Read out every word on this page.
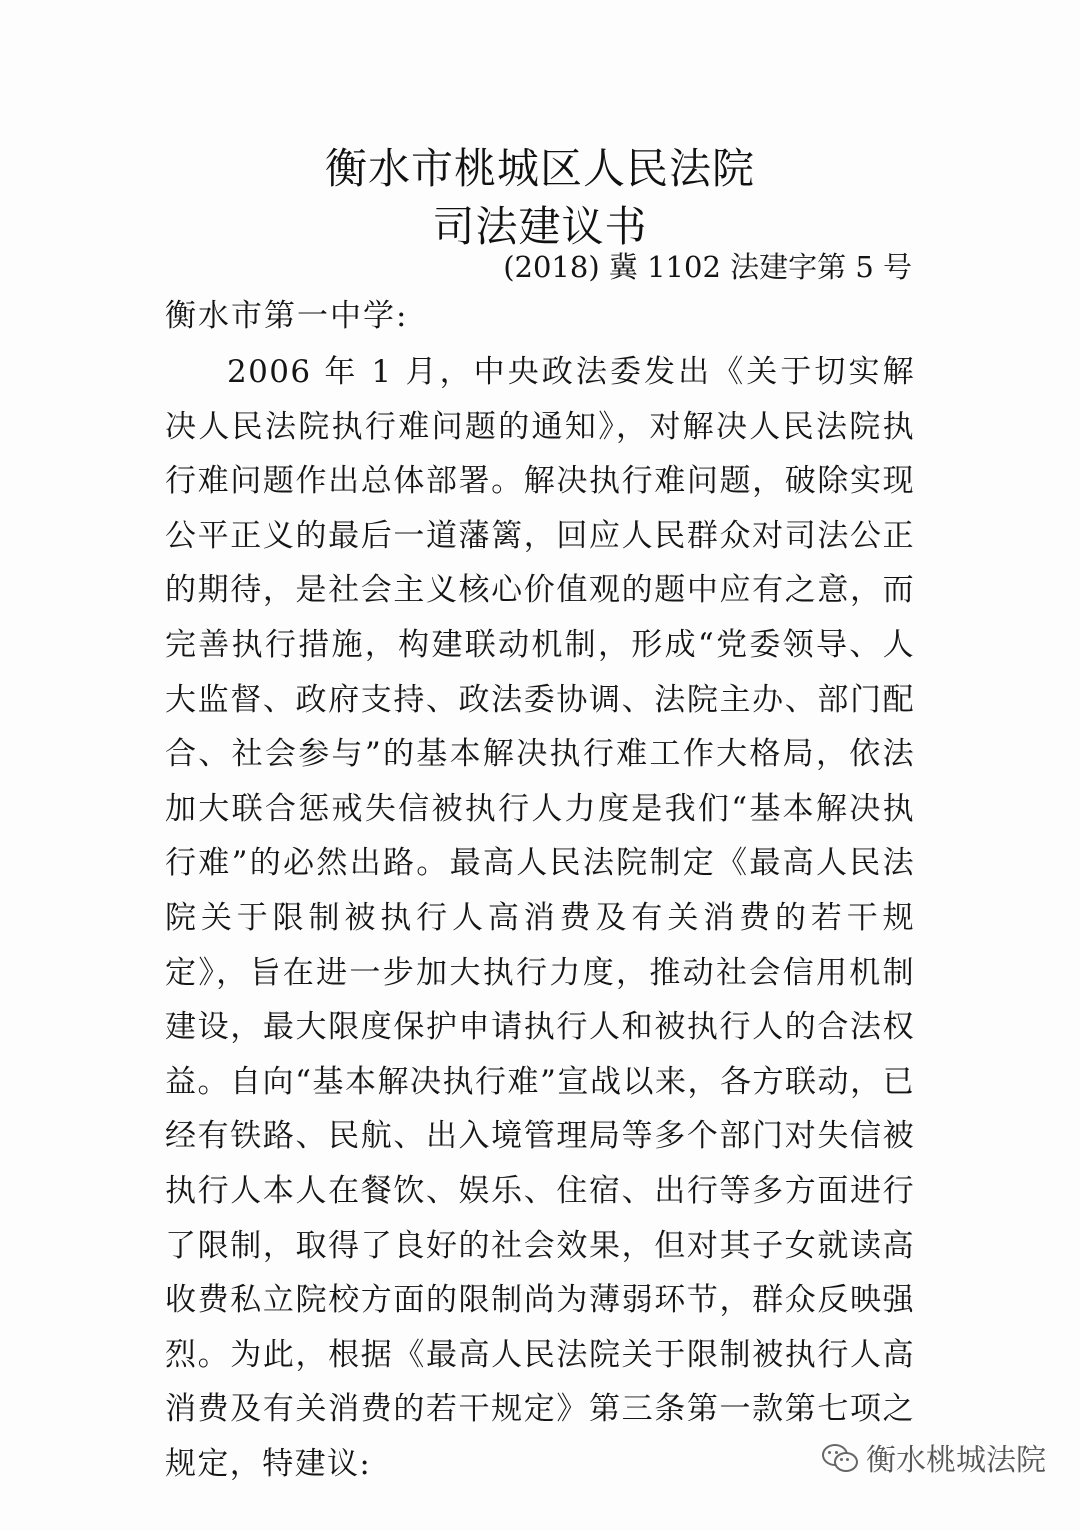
衡水市桃城区人民法院
司法建议书
(2018) 冀 1102 法建字第 5 号
衡水市第一中学:

2006 年 1 月，中央政法委发出《关于切实解决人民法院执行难问题的通知》，对解决人民法院执行难问题作出总体部署。解决执行难问题，破除实现公平正义的最后一道藩篱，回应人民群众对司法公正的期待，是社会主义核心价值观的题中应有之意，而完善执行措施，构建联动机制，形成“党委领导、人大监督、政府支持、政法委协调、法院主办、部门配合、社会参与”的基本解决执行难工作大格局，依法加大联合惩戒失信被执行人力度是我们“基本解决执行难”的必然出路。最高人民法院制定《最高人民法院关于限制被执行人高消费及有关消费的若干规定》，旨在进一步加大执行力度，推动社会信用机制建设，最大限度保护申请执行人和被执行人的合法权益。自向“基本解决执行难”宣战以来，各方联动，已经有铁路、民航、出入境管理局等多个部门对失信被执行人本人在餐饮、娱乐、住宿、出行等多方面进行了限制，取得了良好的社会效果，但对其子女就读高收费私立院校方面的限制尚为薄弱环节，群众反映强烈。为此，根据《最高人民法院关于限制被执行人高消费及有关消费的若干规定》第三条第一款第七项之规定，特建议:	衡水桃城法院
